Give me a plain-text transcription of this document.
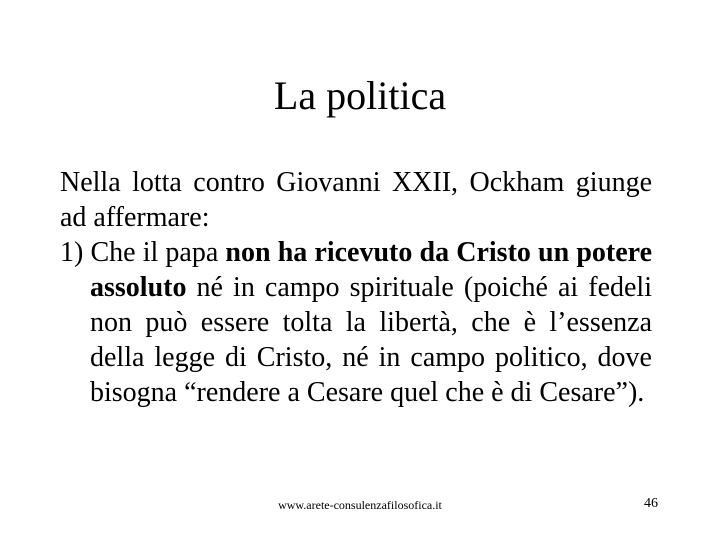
La politica

Nella lotta contro Giovanni XXII, Ockham giunge ad affermare:

1) Che il papa non ha ricevuto da Cristo un potere assoluto né in campo spirituale (poiché ai fedeli non può essere tolta la libertà, che è l’essenza della legge di Cristo, né in campo politico, dove bisogna “rendere a Cesare quel che è di Cesare”).

www.arete-consulenzafilosofica.it	46
